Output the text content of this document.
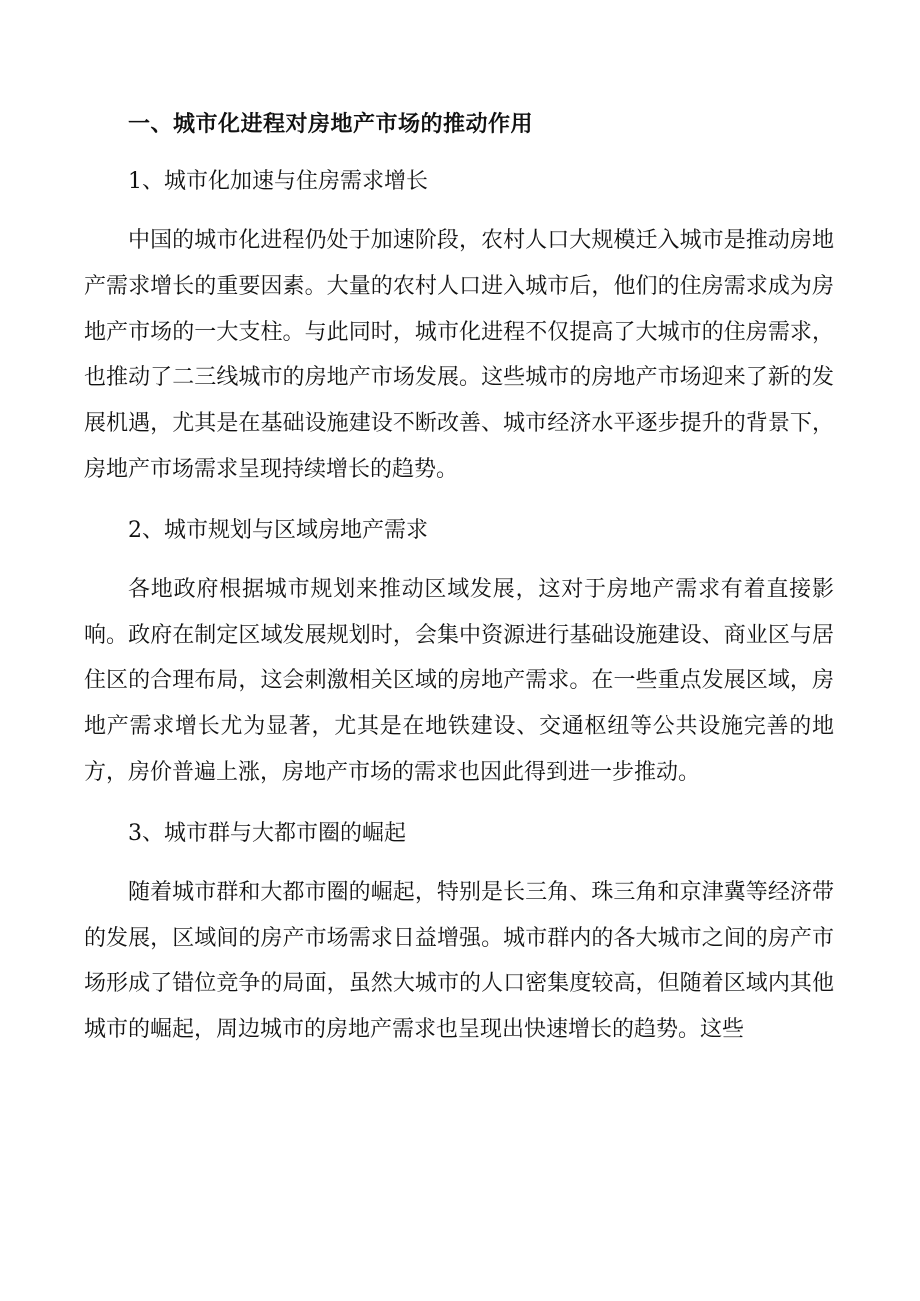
一、城市化进程对房地产市场的推动作用
1、城市化加速与住房需求增长

中国的城市化进程仍处于加速阶段，农村人口大规模迁入城市是推动房地产需求增长的重要因素。大量的农村人口进入城市后，他们的住房需求成为房地产市场的一大支柱。与此同时，城市化进程不仅提高了大城市的住房需求，也推动了二三线城市的房地产市场发展。这些城市的房地产市场迎来了新的发展机遇，尤其是在基础设施建设不断改善、城市经济水平逐步提升的背景下，房地产市场需求呈现持续增长的趋势。

2、城市规划与区域房地产需求

各地政府根据城市规划来推动区域发展，这对于房地产需求有着直接影响。政府在制定区域发展规划时，会集中资源进行基础设施建设、商业区与居住区的合理布局，这会刺激相关区域的房地产需求。在一些重点发展区域，房地产需求增长尤为显著，尤其是在地铁建设、交通枢纽等公共设施完善的地方，房价普遍上涨，房地产市场的需求也因此得到进一步推动。

3、城市群与大都市圈的崛起

随着城市群和大都市圈的崛起，特别是长三角、珠三角和京津冀等经济带的发展，区域间的房产市场需求日益增强。城市群内的各大城市之间的房产市场形成了错位竞争的局面，虽然大城市的人口密集度较高，但随着区域内其他城市的崛起，周边城市的房地产需求也呈现出快速增长的趋势。这些
